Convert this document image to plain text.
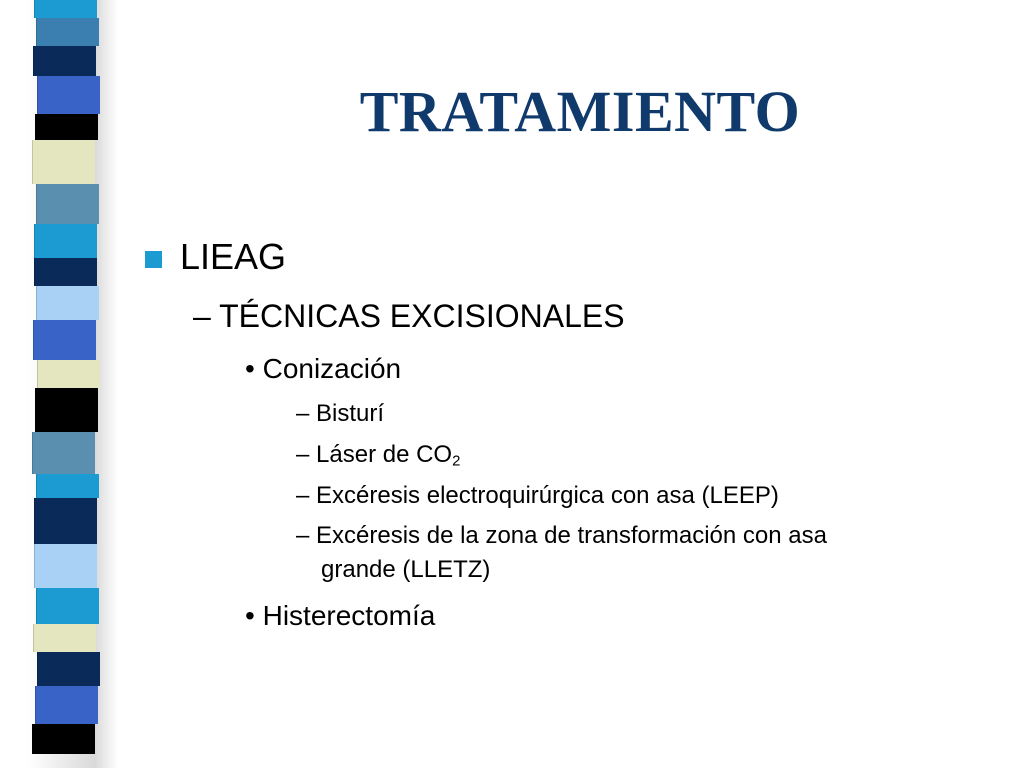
TRATAMIENTO
LIEAG
– TÉCNICAS EXCISIONALES
• Conización
– Bisturí
– Láser de $CO_2$
– Excéresis electroquirúrgica con asa (LEEP)
– Excéresis de la zona de transformación con asa
grande (LLETZ)
• Histerectomía
